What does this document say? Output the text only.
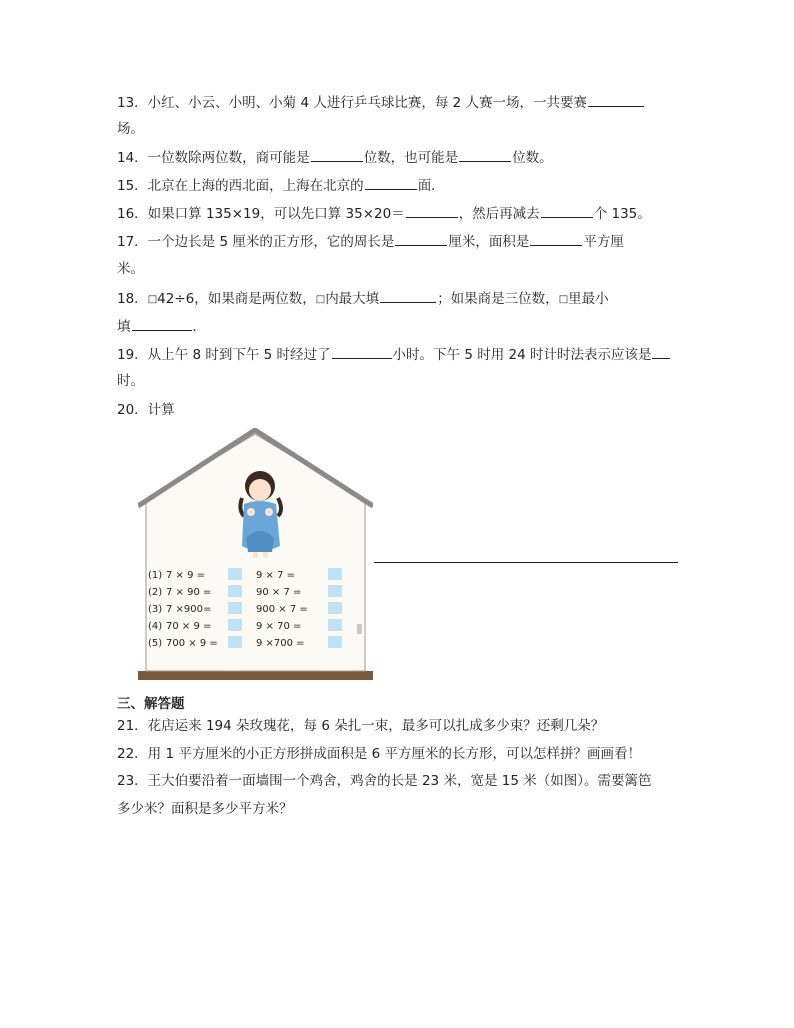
13．小红、小云、小明、小菊 4 人进行乒乓球比赛，每 2 人赛一场，一共要赛
场。
14．一位数除两位数，商可能是	位数，也可能是	位数。
15．北京在上海的西北面，上海在北京的	面．
16．如果口算 135×19，可以先口算 35×20＝	，然后再减去	个 135。
17．一个边长是 5 厘米的正方形，它的周长是	厘米，面积是	平方厘
米。
18．□42÷6，如果商是两位数，□内最大填	；如果商是三位数，□里最小
填	．
19．从上午 8 时到下午 5 时经过了	小时。下午 5 时用 24 时计时法表示应该是
时。
20．计算
(1) 7 × 9 =	9 × 7 =
(2) 7 × 90 =	90 × 7 =
(3) 7 ×900=	900 × 7 =
(4) 70 × 9 =	9 × 70 =
(5) 700 × 9 =	9 ×700 =
三、解答题
21．花店运来 194 朵玫瑰花，每 6 朵扎一束，最多可以扎成多少束？还剩几朵？
22．用 1 平方厘米的小正方形拼成面积是 6 平方厘米的长方形，可以怎样拼？画画看！
23．王大伯要沿着一面墙围一个鸡舍，鸡舍的长是 23 米，宽是 15 米（如图）。需要篱笆
多少米？面积是多少平方米？
